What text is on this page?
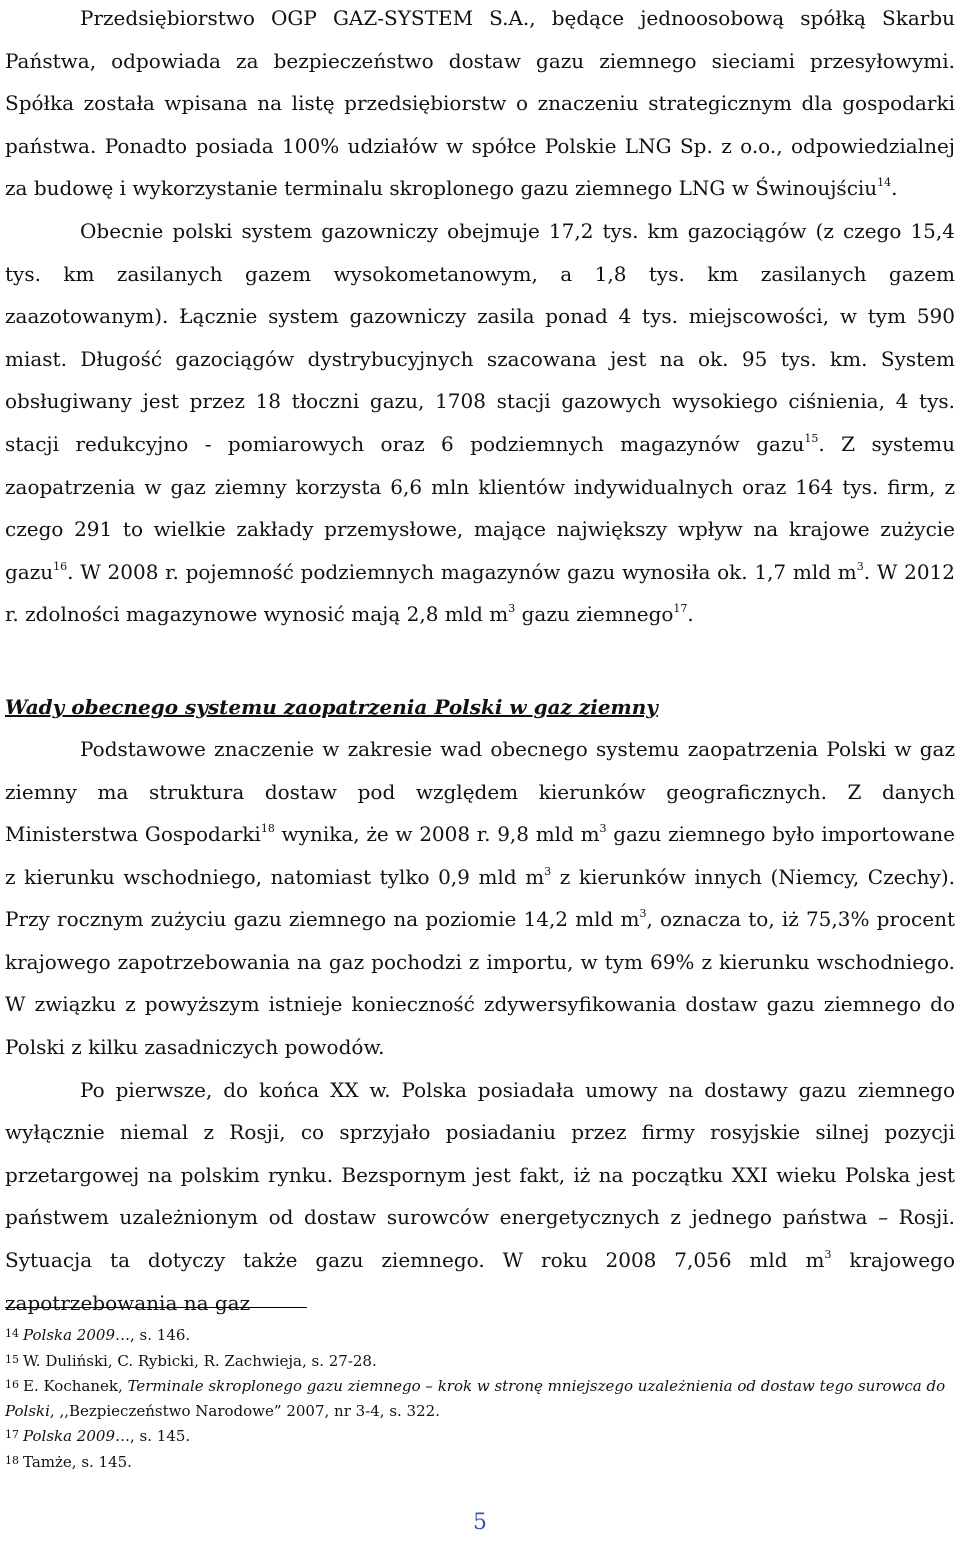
Przedsiębiorstwo OGP GAZ-SYSTEM S.A., będące jednoosobową spółką Skarbu Państwa, odpowiada za bezpieczeństwo dostaw gazu ziemnego sieciami przesyłowymi. Spółka została wpisana na listę przedsiębiorstw o znaczeniu strategicznym dla gospodarki państwa. Ponadto posiada 100% udziałów w spółce Polskie LNG Sp. z o.o., odpowiedzialnej za budowę i wykorzystanie terminalu skroplonego gazu ziemnego LNG w Świnoujściu$^{14}$.
Obecnie polski system gazowniczy obejmuje 17,2 tys. km gazociągów (z czego 15,4 tys. km zasilanych gazem wysokometanowym, a 1,8 tys. km zasilanych gazem zaazotowanym). Łącznie system gazowniczy zasila ponad 4 tys. miejscowości, w tym 590 miast. Długość gazociągów dystrybucyjnych szacowana jest na ok. 95 tys. km. System obsługiwany jest przez 18 tłoczni gazu, 1708 stacji gazowych wysokiego ciśnienia, 4 tys. stacji redukcyjno - pomiarowych oraz 6 podziemnych magazynów gazu$^{15}$. Z systemu zaopatrzenia w gaz ziemny korzysta 6,6 mln klientów indywidualnych oraz 164 tys. firm, z czego 291 to wielkie zakłady przemysłowe, mające największy wpływ na krajowe zużycie gazu$^{16}$. W 2008 r. pojemność podziemnych magazynów gazu wynosiła ok. 1,7 mld $m^3$. W 2012 r. zdolności magazynowe wynosić mają 2,8 mld $m^3$ gazu ziemnego$^{17}$.
Wady obecnego systemu zaopatrzenia Polski w gaz ziemny
Podstawowe znaczenie w zakresie wad obecnego systemu zaopatrzenia Polski w gaz ziemny ma struktura dostaw pod względem kierunków geograficznych. Z danych Ministerstwa Gospodarki$^{18}$ wynika, że w 2008 r. 9,8 mld $m^3$ gazu ziemnego było importowane z kierunku wschodniego, natomiast tylko 0,9 mld $m^3$ z kierunków innych (Niemcy, Czechy). Przy rocznym zużyciu gazu ziemnego na poziomie 14,2 mld $m^3$, oznacza to, iż 75,3% procent krajowego zapotrzebowania na gaz pochodzi z importu, w tym 69% z kierunku wschodniego. W związku z powyższym istnieje konieczność zdywersyfikowania dostaw gazu ziemnego do Polski z kilku zasadniczych powodów.
Po pierwsze, do końca XX w. Polska posiadała umowy na dostawy gazu ziemnego wyłącznie niemal z Rosji, co sprzyjało posiadaniu przez firmy rosyjskie silnej pozycji przetargowej na polskim rynku. Bezspornym jest fakt, iż na początku XXI wieku Polska jest państwem uzależnionym od dostaw surowców energetycznych z jednego państwa – Rosji. Sytuacja ta dotyczy także gazu ziemnego. W roku 2008 7,056 mld $m^3$ krajowego zapotrzebowania na gaz

$^{14}$ Polska 2009…, s. 146.

$^{15}$ W. Duliński, C. Rybicki, R. Zachwieja, s. 27-28.

$^{16}$ E. Kochanek, Terminale skroplonego gazu ziemnego – krok w stronę mniejszego uzależnienia od dostaw tego surowca do Polski, ,,Bezpieczeństwo Narodowe” 2007, nr 3-4, s. 322.

$^{17}$ Polska 2009…, s. 145.

$^{18}$ Tamże, s. 145.

5
